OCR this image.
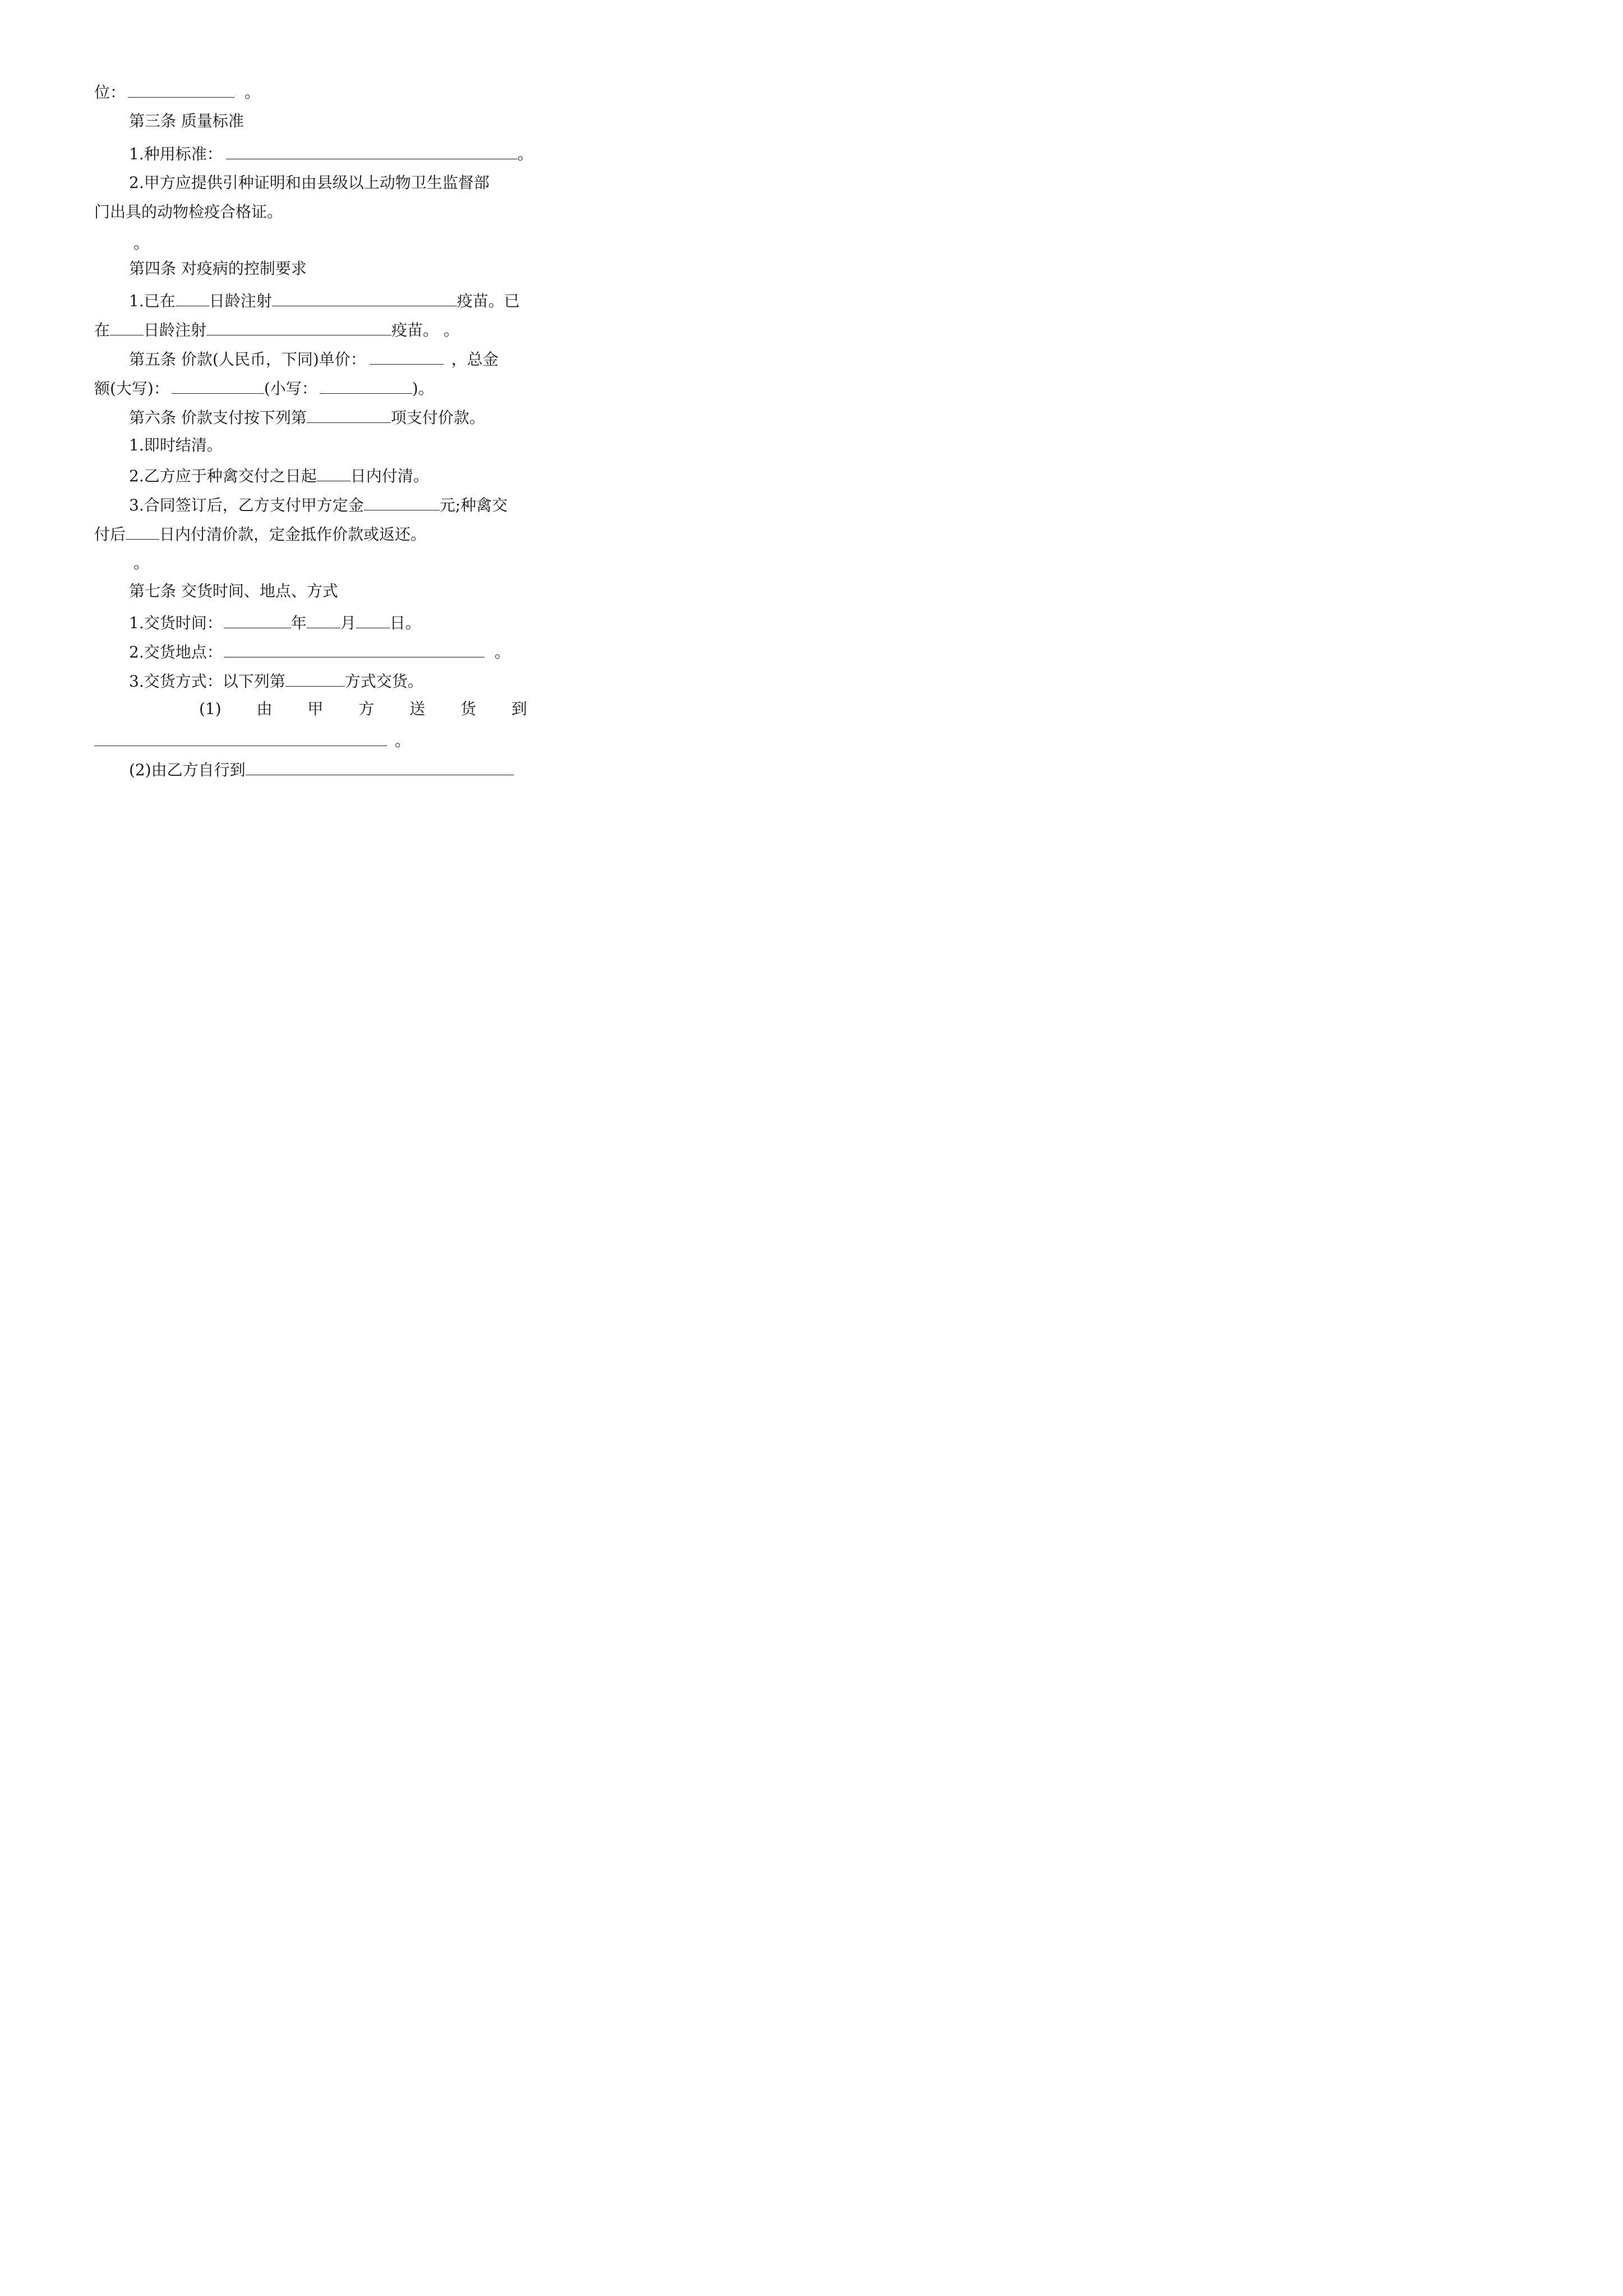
位：	。
第三条 质量标准
1.种用标准：	。
2.甲方应提供引种证明和由县级以上动物卫生监督部
门出具的动物检疫合格证。
。
第四条 对疫病的控制要求
1.已在 日龄注射	疫苗。已
在 日龄注射	疫苗。 。
第五条 价款(人民币，下同)单价：	，总金
额(大写)：	(小写：	)。
第六条 价款支付按下列第	项支付价款。
1.即时结清。
2.乙方应于种禽交付之日起 日内付清。
3.合同签订后，乙方支付甲方定金	元;种禽交
付后 日内付清价款，定金抵作价款或返还。
。
第七条 交货时间、地点、方式
1.交货时间：	年 月 日。
2.交货地点：	。
3.交货方式：以下列第	方式交货。
(1) 由 甲 方 送 货 到
。
(2)由乙方自行到
